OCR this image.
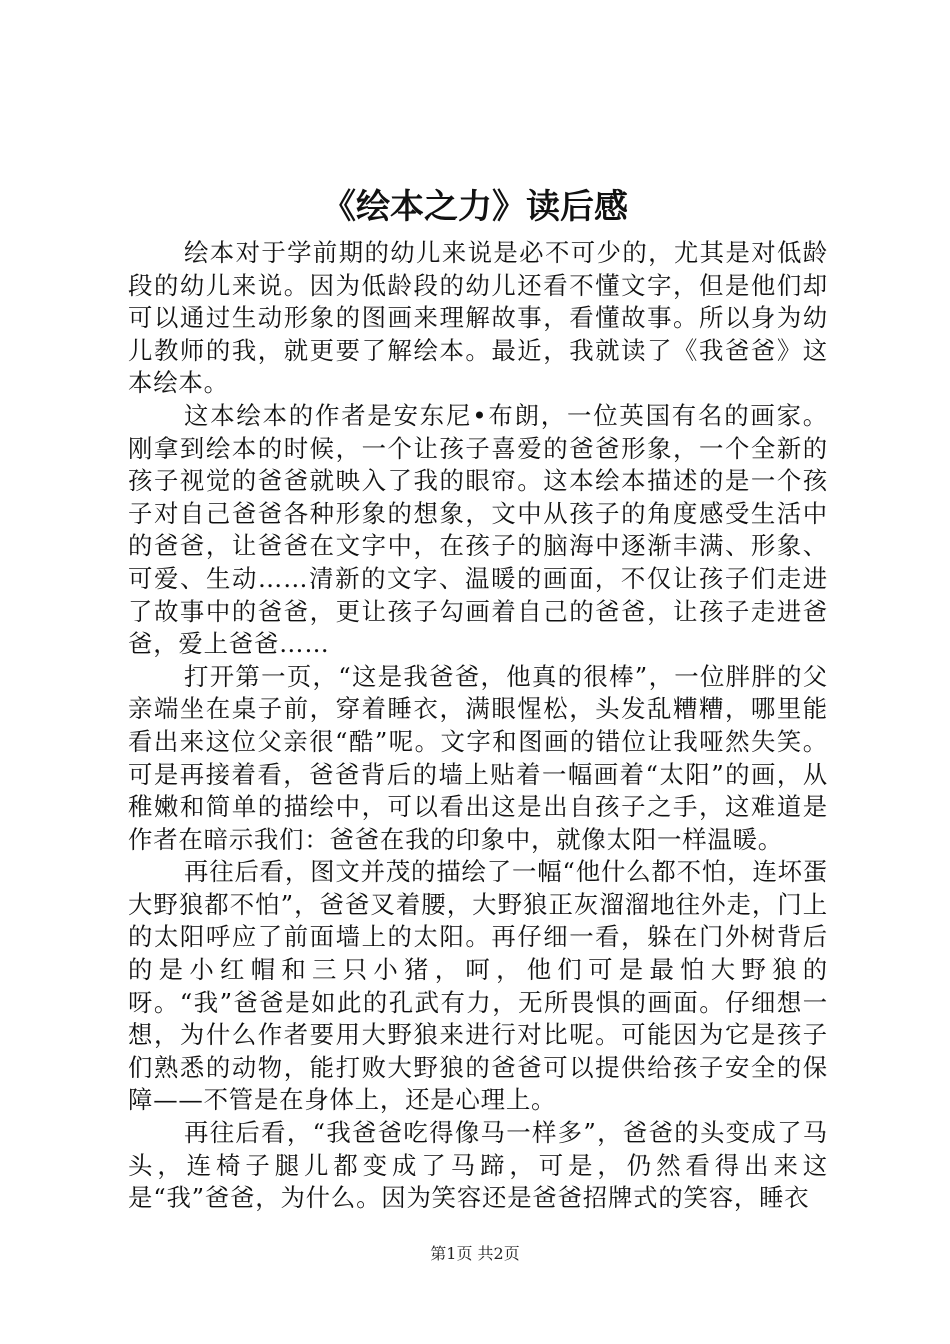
《绘本之力》读后感

绘本对于学前期的幼儿来说是必不可少的，尤其是对低龄段的幼儿来说。因为低龄段的幼儿还看不懂文字，但是他们却可以通过生动形象的图画来理解故事，看懂故事。所以身为幼儿教师的我，就更要了解绘本。最近，我就读了《我爸爸》这本绘本。

这本绘本的作者是安东尼•布朗，一位英国有名的画家。刚拿到绘本的时候，一个让孩子喜爱的爸爸形象，一个全新的孩子视觉的爸爸就映入了我的眼帘。这本绘本描述的是一个孩子对自己爸爸各种形象的想象，文中从孩子的角度感受生活中的爸爸，让爸爸在文字中，在孩子的脑海中逐渐丰满、形象、可爱、生动……清新的文字、温暖的画面，不仅让孩子们走进了故事中的爸爸，更让孩子勾画着自己的爸爸，让孩子走进爸爸，爱上爸爸……

打开第一页，“这是我爸爸，他真的很棒”，一位胖胖的父亲端坐在桌子前，穿着睡衣，满眼惺松，头发乱糟糟，哪里能看出来这位父亲很“酷”呢。文字和图画的错位让我哑然失笑。可是再接着看，爸爸背后的墙上贴着一幅画着“太阳”的画，从稚嫩和简单的描绘中，可以看出这是出自孩子之手，这难道是作者在暗示我们：爸爸在我的印象中，就像太阳一样温暖。

再往后看，图文并茂的描绘了一幅“他什么都不怕，连坏蛋大野狼都不怕”，爸爸叉着腰，大野狼正灰溜溜地往外走，门上的太阳呼应了前面墙上的太阳。再仔细一看，躲在门外树背后的是小红帽和三只小猪，呵，他们可是最怕大野狼的呀。“我”爸爸是如此的孔武有力，无所畏惧的画面。仔细想一想，为什么作者要用大野狼来进行对比呢。可能因为它是孩子们熟悉的动物，能打败大野狼的爸爸可以提供给孩子安全的保障——不管是在身体上，还是心理上。

再往后看，“我爸爸吃得像马一样多”，爸爸的头变成了马头，连椅子腿儿都变成了马蹄，可是，仍然看得出来这是“我”爸爸，为什么。因为笑容还是爸爸招牌式的笑容，睡衣

第1页 共2页
